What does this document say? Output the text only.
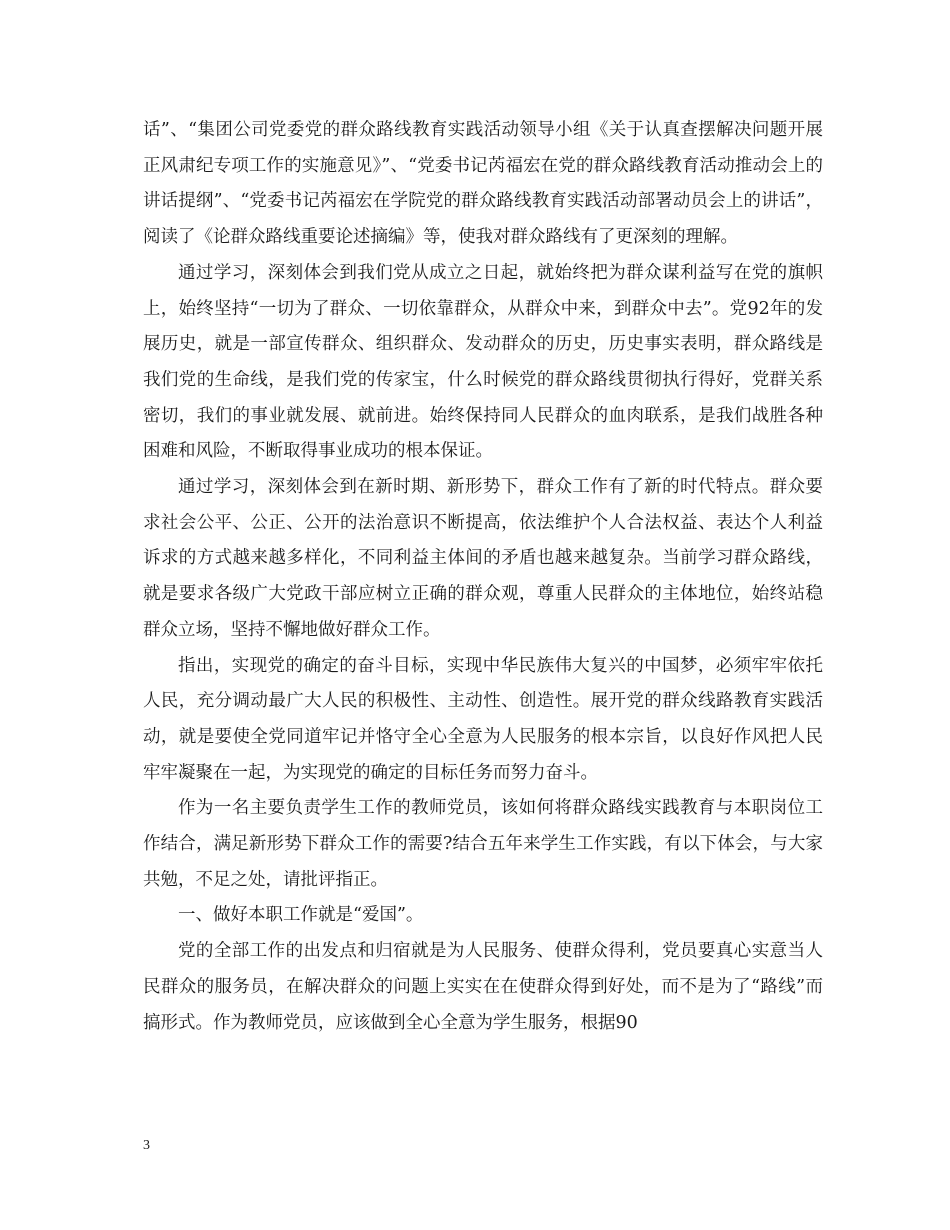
话”、“集团公司党委党的群众路线教育实践活动领导小组《关于认真查摆解决问题开展正风肃纪专项工作的实施意见》”、“党委书记芮福宏在党的群众路线教育活动推动会上的讲话提纲”、“党委书记芮福宏在学院党的群众路线教育实践活动部署动员会上的讲话”，阅读了《论群众路线重要论述摘编》等，使我对群众路线有了更深刻的理解。

通过学习，深刻体会到我们党从成立之日起，就始终把为群众谋利益写在党的旗帜上，始终坚持“一切为了群众、一切依靠群众，从群众中来，到群众中去”。党92年的发展历史，就是一部宣传群众、组织群众、发动群众的历史，历史事实表明，群众路线是我们党的生命线，是我们党的传家宝，什么时候党的群众路线贯彻执行得好，党群关系密切，我们的事业就发展、就前进。始终保持同人民群众的血肉联系，是我们战胜各种困难和风险，不断取得事业成功的根本保证。

通过学习，深刻体会到在新时期、新形势下，群众工作有了新的时代特点。群众要求社会公平、公正、公开的法治意识不断提高，依法维护个人合法权益、表达个人利益诉求的方式越来越多样化，不同利益主体间的矛盾也越来越复杂。当前学习群众路线，就是要求各级广大党政干部应树立正确的群众观，尊重人民群众的主体地位，始终站稳群众立场，坚持不懈地做好群众工作。

指出，实现党的确定的奋斗目标，实现中华民族伟大复兴的中国梦，必须牢牢依托人民，充分调动最广大人民的积极性、主动性、创造性。展开党的群众线路教育实践活动，就是要使全党同道牢记并恪守全心全意为人民服务的根本宗旨，以良好作风把人民牢牢凝聚在一起，为实现党的确定的目标任务而努力奋斗。

作为一名主要负责学生工作的教师党员，该如何将群众路线实践教育与本职岗位工作结合，满足新形势下群众工作的需要?结合五年来学生工作实践，有以下体会，与大家共勉，不足之处，请批评指正。

一、做好本职工作就是“爱国”。

党的全部工作的出发点和归宿就是为人民服务、使群众得利，党员要真心实意当人民群众的服务员，在解决群众的问题上实实在在使群众得到好处，而不是为了“路线”而搞形式。作为教师党员，应该做到全心全意为学生服务，根据90

3
